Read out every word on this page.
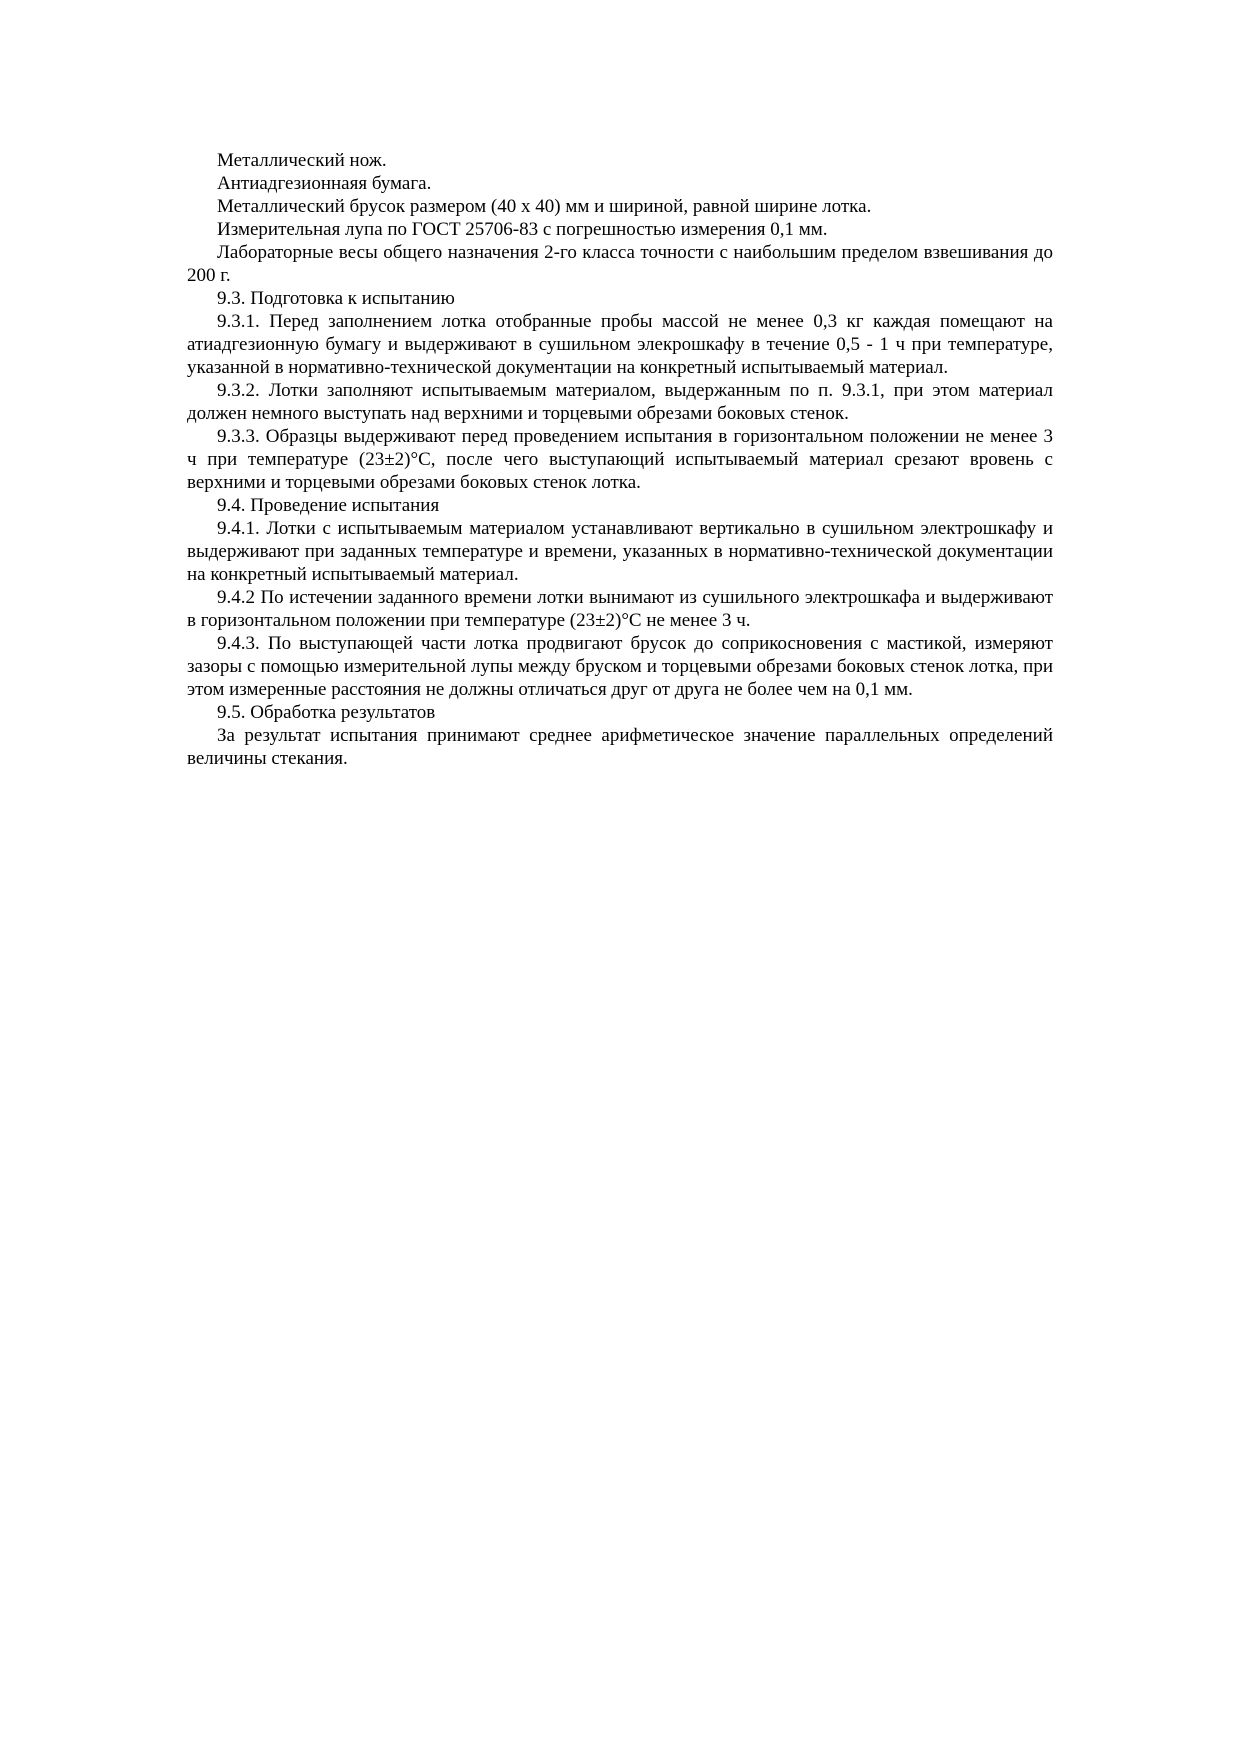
Металлический нож.

Антиадгезионнаяя бумага.

Металлический брусок размером (40 х 40) мм и шириной, равной ширине лотка.

Измерительная лупа по ГОСТ 25706-83 с погрешностью измерения 0,1 мм.

Лабораторные весы общего назначения 2-го класса точности с наибольшим пределом взвешивания до 200 г.

9.3. Подготовка к испытанию

9.3.1. Перед заполнением лотка отобранные пробы массой не менее 0,3 кг каждая помещают на атиадгезионную бумагу и выдерживают в сушильном элекрошкафу в течение 0,5 - 1 ч при температуре, указанной в нормативно-технической документации на конкретный испытываемый материал.

9.3.2. Лотки заполняют испытываемым материалом, выдержанным по п. 9.3.1, при этом материал должен немного выступать над верхними и торцевыми обрезами боковых стенок.

9.3.3. Образцы выдерживают перед проведением испытания в горизонтальном положении не менее 3 ч при температуре (23±2)°С, после чего выступающий испытываемый материал срезают вровень с верхними и торцевыми обрезами боковых стенок лотка.

9.4. Проведение испытания

9.4.1. Лотки с испытываемым материалом устанавливают вертикально в сушильном электрошкафу и выдерживают при заданных температуре и времени, указанных в нормативно-технической документации на конкретный испытываемый материал.

9.4.2 По истечении заданного времени лотки вынимают из сушильного электрошкафа и выдерживают в горизонтальном положении при температуре (23±2)°С не менее 3 ч.

9.4.3. По выступающей части лотка продвигают брусок до соприкосновения с мастикой, измеряют зазоры с помощью измерительной лупы между бруском и торцевыми обрезами боковых стенок лотка, при этом измеренные расстояния не должны отличаться друг от друга не более чем на 0,1 мм.

9.5. Обработка результатов

За результат испытания принимают среднее арифметическое значение параллельных определений величины стекания.
